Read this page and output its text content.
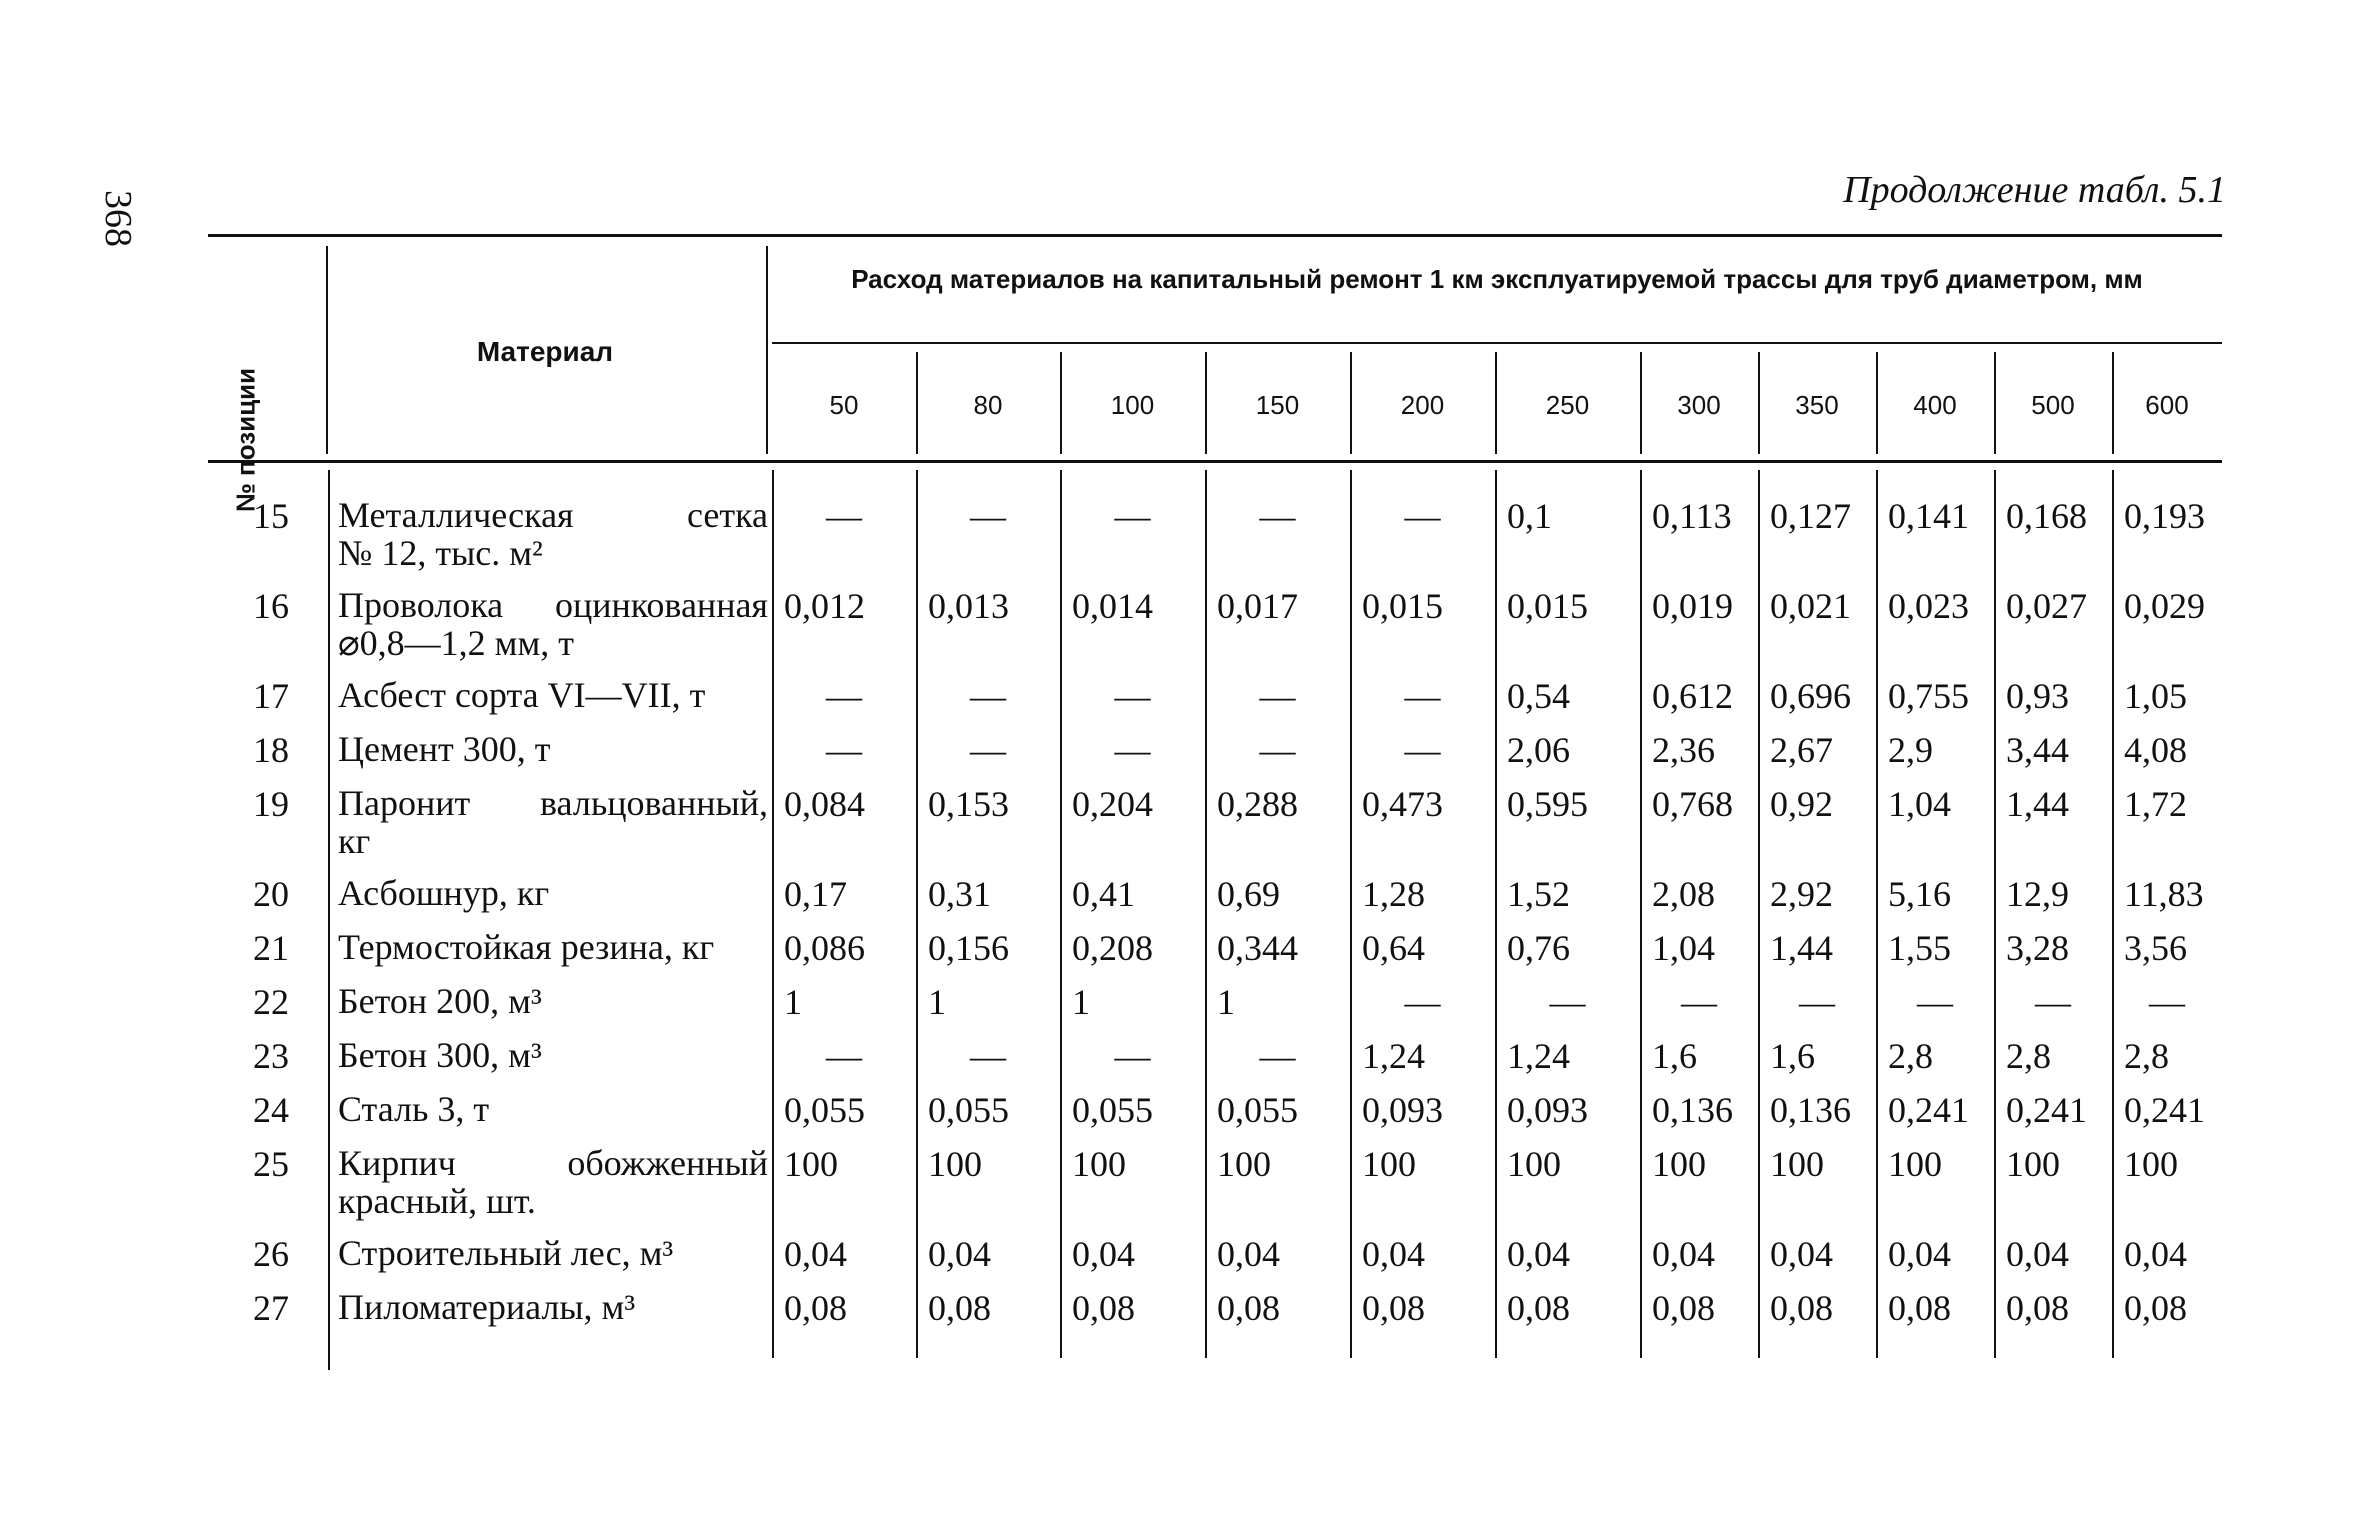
368	Продолжение табл. 5.1
№ позиции
Материал
Расход материалов на капитальный ремонт 1 км эксплуатируемой трассы для труб диаметром, мм
50	80	100	150	200	250	300	350	400	500	600
15	Металлическая сетка
№ 12, тыс. м²
—	—	—	—	—	0,1	0,113 0,127 0,141 0,168 0,193
16	Проволока оцинкованная
⌀0,8—1,2 мм, т
0,012 0,013 0,014 0,017 0,015 0,015 0,019 0,021 0,023 0,027 0,029
17	Асбест сорта VI—VII, т	—	—	—	—	—	0,54 0,612 0,696 0,755 0,93 1,05
18	Цемент 300, т	—	—	—	—	—	2,06 2,36 2,67 2,9 3,44 4,08
19	Паронит вальцованный,
кг
0,084 0,153 0,204 0,288 0,473 0,595 0,768 0,92 1,04 1,44 1,72
20	Асбошнур, кг	0,17 0,31 0,41 0,69 1,28 1,52 2,08 2,92 5,16 12,9 11,83
21	Термостойкая резина, кг	0,086 0,156 0,208 0,344 0,64 0,76 1,04 1,44 1,55 3,28 3,56
22	Бетон 200, м³	1	1	1	1	—	—	—	—	—	—	—
23	Бетон 300, м³	—	—	—	—	1,24 1,24 1,6 1,6 2,8 2,8 2,8
24	Сталь 3, т	0,055 0,055 0,055 0,055 0,093 0,093 0,136 0,136 0,241 0,241 0,241
25	Кирпич обожженный
красный, шт.
100	100	100	100	100	100	100 100 100 100 100
26	Строительный лес, м³	0,04 0,04 0,04 0,04 0,04 0,04 0,04 0,04 0,04 0,04 0,04
27	Пиломатериалы, м³	0,08 0,08 0,08 0,08 0,08 0,08 0,08 0,08 0,08 0,08 0,08
